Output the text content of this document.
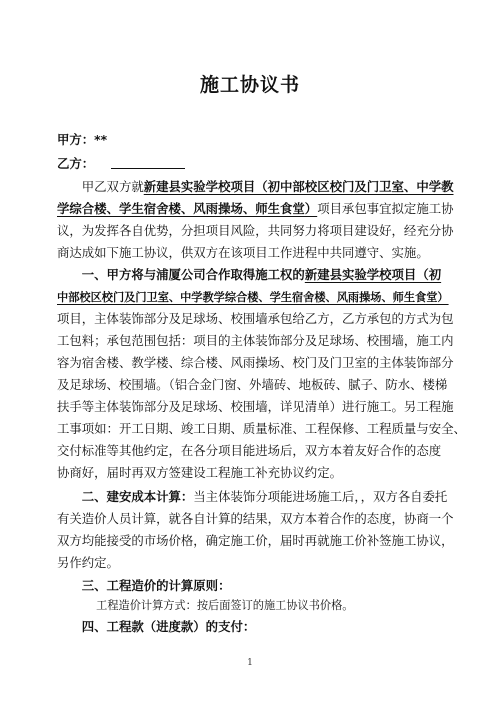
施工协议书
甲方：**
乙方：
  甲乙双方就新建县实验学校项目（初中部校区校门及门卫室、中学教
学综合楼、学生宿舍楼、风雨操场、师生食堂）项目承包事宜拟定施工协
议，为发挥各自优势，分担项目风险，共同努力将项目建设好，经充分协
商达成如下施工协议，供双方在该项目工作进程中共同遵守、实施。
  一、甲方将与浦厦公司合作取得施工权的新建县实验学校项目（初
中部校区校门及门卫室、中学教学综合楼、学生宿舍楼、风雨操场、师生食堂）
项目，主体装饰部分及足球场、校围墙承包给乙方，乙方承包的方式为包
工包料；承包范围包括：项目的主体装饰部分及足球场、校围墙，施工内
容为宿舍楼、教学楼、综合楼、风雨操场、校门及门卫室的主体装饰部分
及足球场、校围墙。（铝合金门窗、外墙砖、地板砖、腻子、防水、楼梯
扶手等主体装饰部分及足球场、校围墙，详见清单）进行施工。另工程施
工事项如：开工日期、竣工日期、质量标准、工程保修、工程质量与安全、
交付标准等其他约定，在各分项目能进场后，双方本着友好合作的态度
协商好，届时再双方签建设工程施工补充协议约定。
  二、建安成本计算：当主体装饰分项能进场施工后，，双方各自委托
有关造价人员计算，就各自计算的结果，双方本着合作的态度，协商一个
双方均能接受的市场价格，确定施工价，届时再就施工价补签施工协议，
另作约定。
  三、工程造价的计算原则：
    工程造价计算方式：按后面签订的施工协议书价格。
  四、工程款（进度款）的支付：
1
